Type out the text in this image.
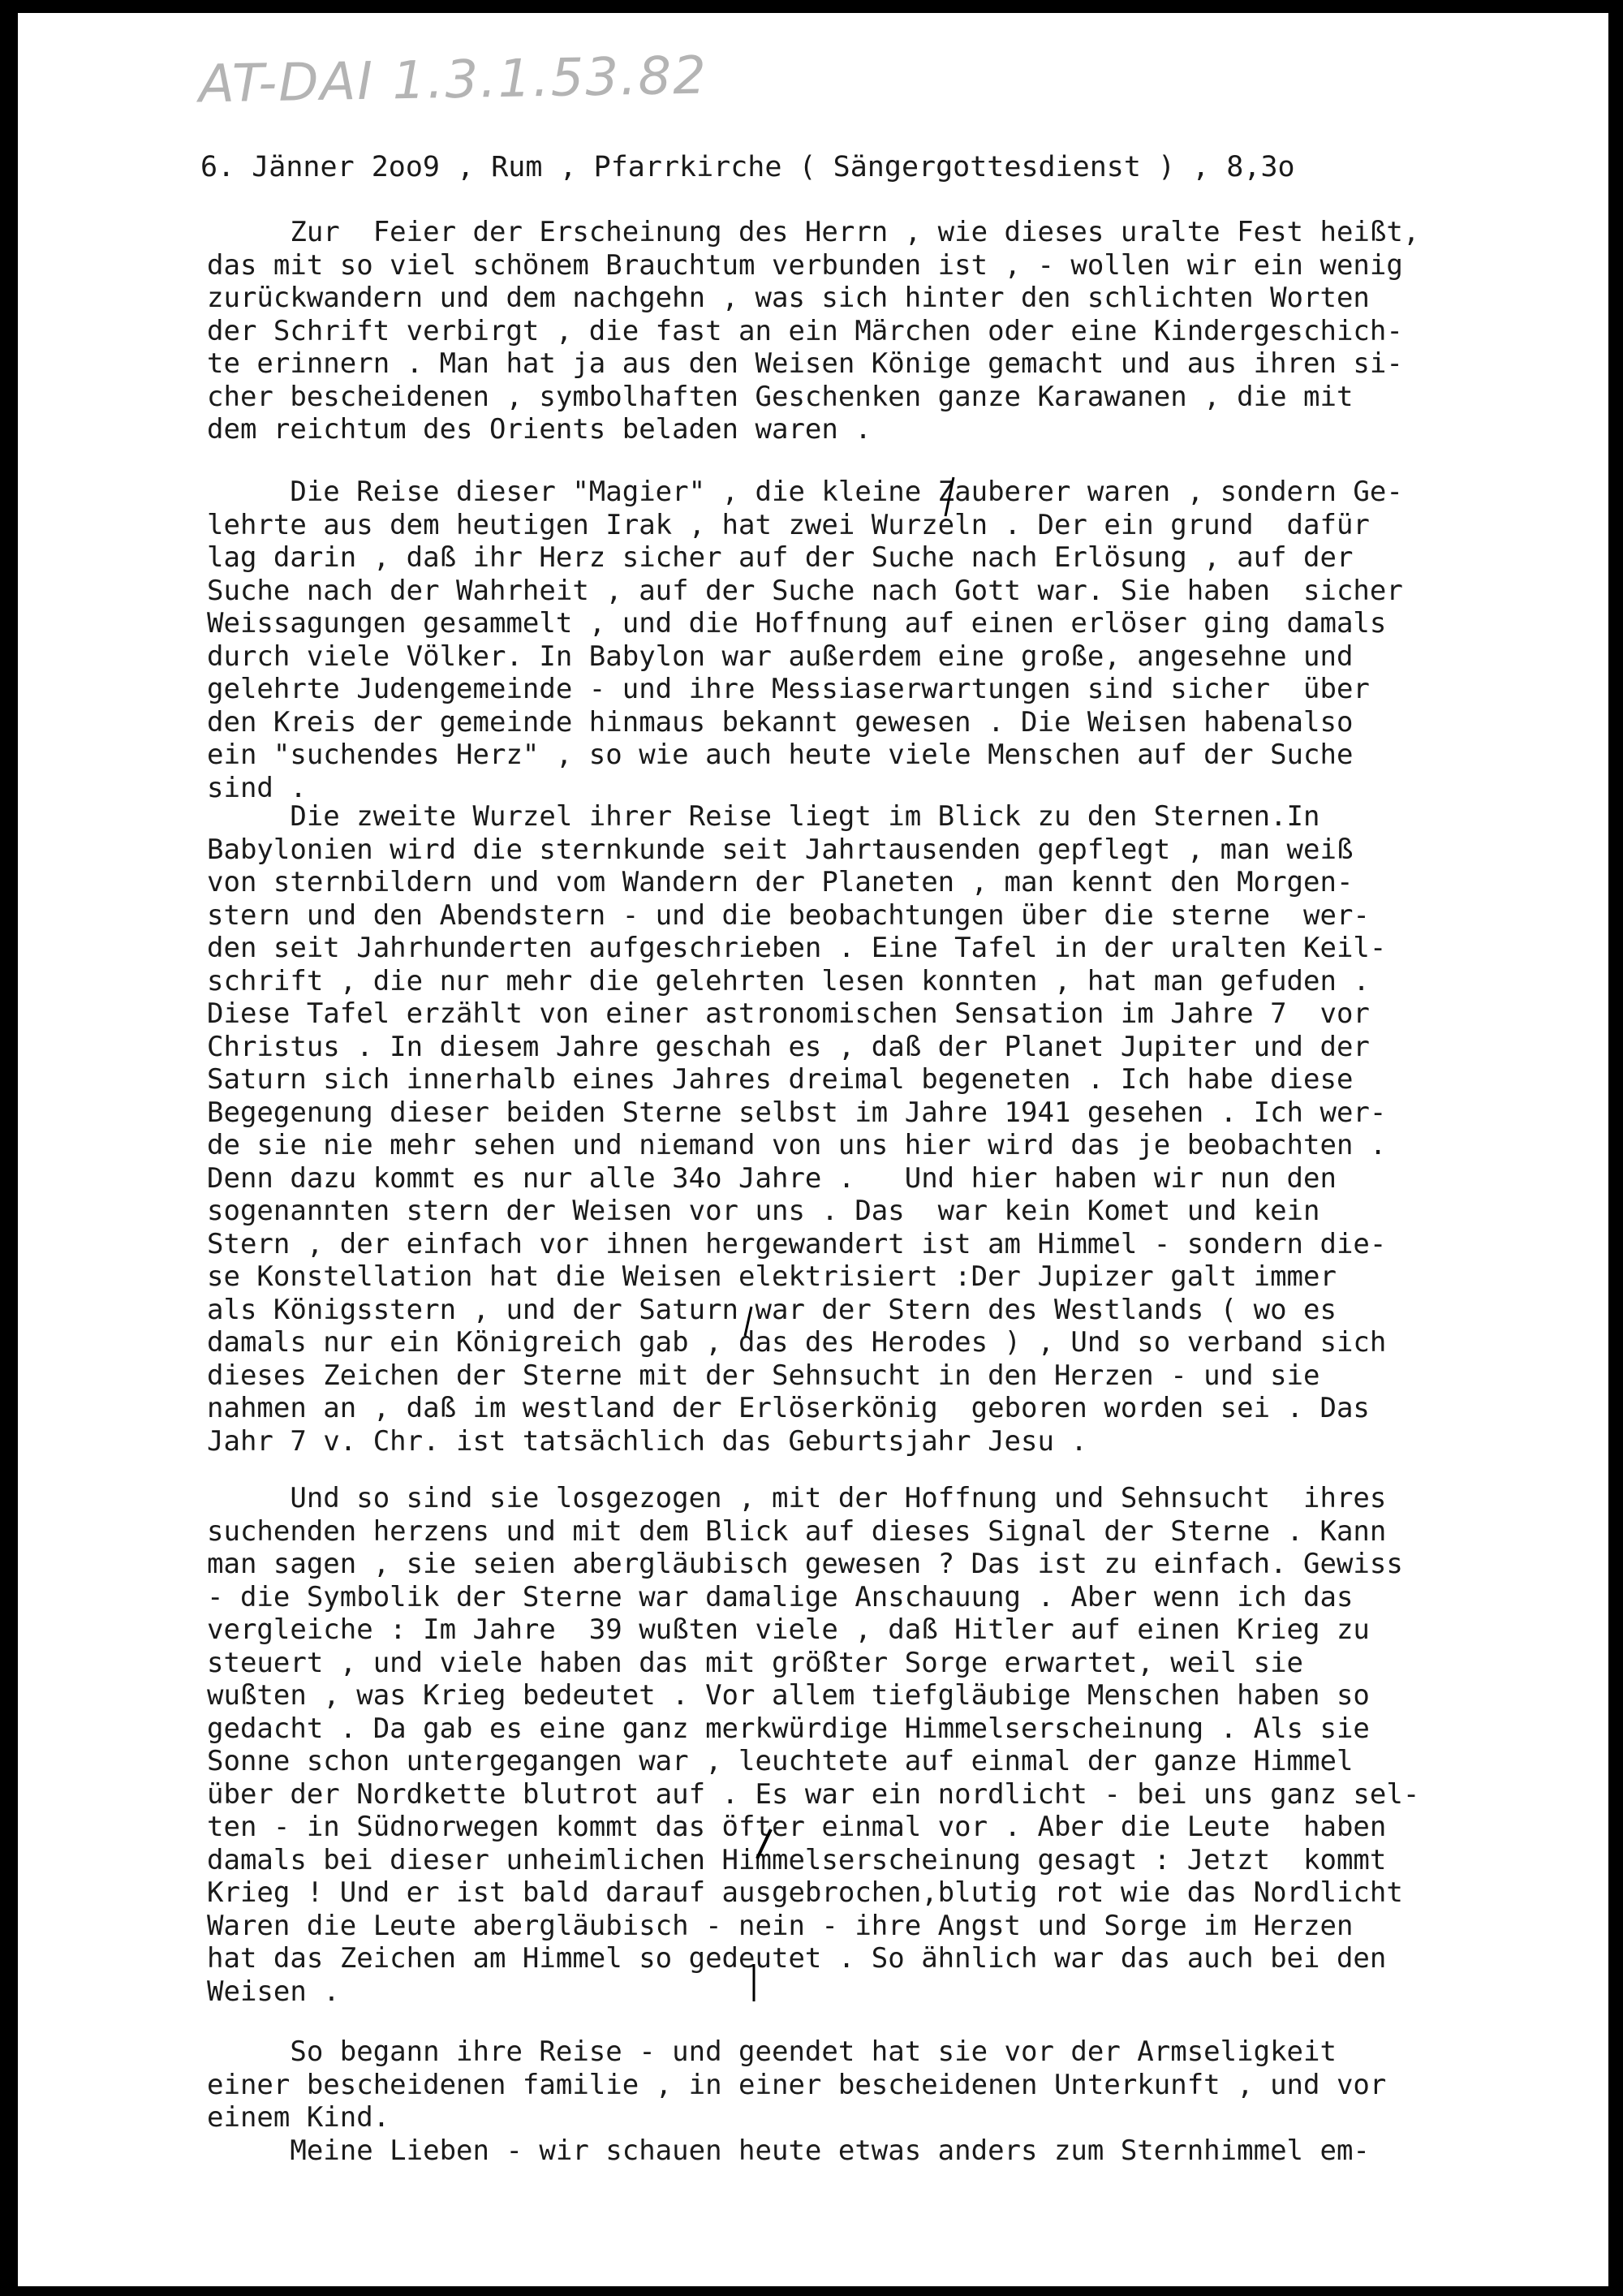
AT-DAI 1.3.1.53.82
6. Jänner 2oo9 , Rum , Pfarrkirche ( Sängergottesdienst ) , 8,3o
Zur  Feier der Erscheinung des Herrn , wie dieses uralte Fest heißt,
das mit so viel schönem Brauchtum verbunden ist , - wollen wir ein wenig
zurückwandern und dem nachgehn , was sich hinter den schlichten Worten
der Schrift verbirgt , die fast an ein Märchen oder eine Kindergeschich-
te erinnern . Man hat ja aus den Weisen Könige gemacht und aus ihren si-
cher bescheidenen , symbolhaften Geschenken ganze Karawanen , die mit
dem reichtum des Orients beladen waren .
Die Reise dieser "Magier" , die kleine Zauberer waren , sondern Ge-
lehrte aus dem heutigen Irak , hat zwei Wurzeln . Der ein grund  dafür
lag darin , daß ihr Herz sicher auf der Suche nach Erlösung , auf der
Suche nach der Wahrheit , auf der Suche nach Gott war. Sie haben  sicher
Weissagungen gesammelt , und die Hoffnung auf einen erlöser ging damals
durch viele Völker. In Babylon war außerdem eine große, angesehne und
gelehrte Judengemeinde - und ihre Messiaserwartungen sind sicher  über
den Kreis der gemeinde hinmaus bekannt gewesen . Die Weisen habenalso
ein "suchendes Herz" , so wie auch heute viele Menschen auf der Suche
sind .
Die zweite Wurzel ihrer Reise liegt im Blick zu den Sternen.In
Babylonien wird die sternkunde seit Jahrtausenden gepflegt , man weiß
von sternbildern und vom Wandern der Planeten , man kennt den Morgen-
stern und den Abendstern - und die beobachtungen über die sterne  wer-
den seit Jahrhunderten aufgeschrieben . Eine Tafel in der uralten Keil-
schrift , die nur mehr die gelehrten lesen konnten , hat man gefuden .
Diese Tafel erzählt von einer astronomischen Sensation im Jahre 7  vor
Christus . In diesem Jahre geschah es , daß der Planet Jupiter und der
Saturn sich innerhalb eines Jahres dreimal begeneten . Ich habe diese
Begegenung dieser beiden Sterne selbst im Jahre 1941 gesehen . Ich wer-
de sie nie mehr sehen und niemand von uns hier wird das je beobachten .
Denn dazu kommt es nur alle 34o Jahre .   Und hier haben wir nun den
sogenannten stern der Weisen vor uns . Das  war kein Komet und kein
Stern , der einfach vor ihnen hergewandert ist am Himmel - sondern die-
se Konstellation hat die Weisen elektrisiert :Der Jupizer galt immer
als Königsstern , und der Saturn war der Stern des Westlands ( wo es
damals nur ein Königreich gab , das des Herodes ) , Und so verband sich
dieses Zeichen der Sterne mit der Sehnsucht in den Herzen - und sie
nahmen an , daß im westland der Erlöserkönig  geboren worden sei . Das
Jahr 7 v. Chr. ist tatsächlich das Geburtsjahr Jesu .
Und so sind sie losgezogen , mit der Hoffnung und Sehnsucht  ihres
suchenden herzens und mit dem Blick auf dieses Signal der Sterne . Kann
man sagen , sie seien abergläubisch gewesen ? Das ist zu einfach. Gewiss
- die Symbolik der Sterne war damalige Anschauung . Aber wenn ich das
vergleiche : Im Jahre  39 wußten viele , daß Hitler auf einen Krieg zu
steuert , und viele haben das mit größter Sorge erwartet, weil sie
wußten , was Krieg bedeutet . Vor allem tiefgläubige Menschen haben so
gedacht . Da gab es eine ganz merkwürdige Himmelserscheinung . Als sie
Sonne schon untergegangen war , leuchtete auf einmal der ganze Himmel
über der Nordkette blutrot auf . Es war ein nordlicht - bei uns ganz sel-
ten - in Südnorwegen kommt das öfter einmal vor . Aber die Leute  haben
damals bei dieser unheimlichen Himmelserscheinung gesagt : Jetzt  kommt
Krieg ! Und er ist bald darauf ausgebrochen,blutig rot wie das Nordlicht
Waren die Leute abergläubisch - nein - ihre Angst und Sorge im Herzen
hat das Zeichen am Himmel so gedeutet . So ähnlich war das auch bei den
Weisen .
So begann ihre Reise - und geendet hat sie vor der Armseligkeit
einer bescheidenen familie , in einer bescheidenen Unterkunft , und vor
einem Kind.
Meine Lieben - wir schauen heute etwas anders zum Sternhimmel em-
